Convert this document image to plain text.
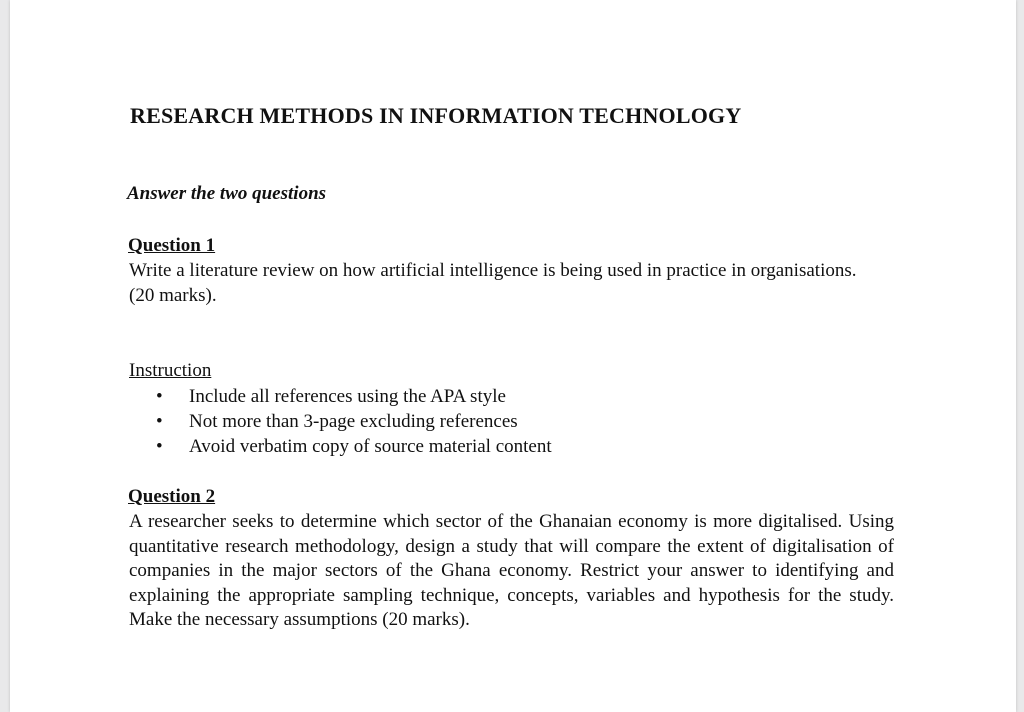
RESEARCH METHODS IN INFORMATION TECHNOLOGY
Answer the two questions
Question 1
Write a literature review on how artificial intelligence is being used in practice in organisations.
(20 marks).
Instruction
• Include all references using the APA style
• Not more than 3-page excluding references
• Avoid verbatim copy of source material content
Question 2
A researcher seeks to determine which sector of the Ghanaian economy is more digitalised. Using quantitative research methodology, design a study that will compare the extent of digitalisation of companies in the major sectors of the Ghana economy. Restrict your answer to identifying and explaining the appropriate sampling technique, concepts, variables and hypothesis for the study. Make the necessary assumptions (20 marks).
